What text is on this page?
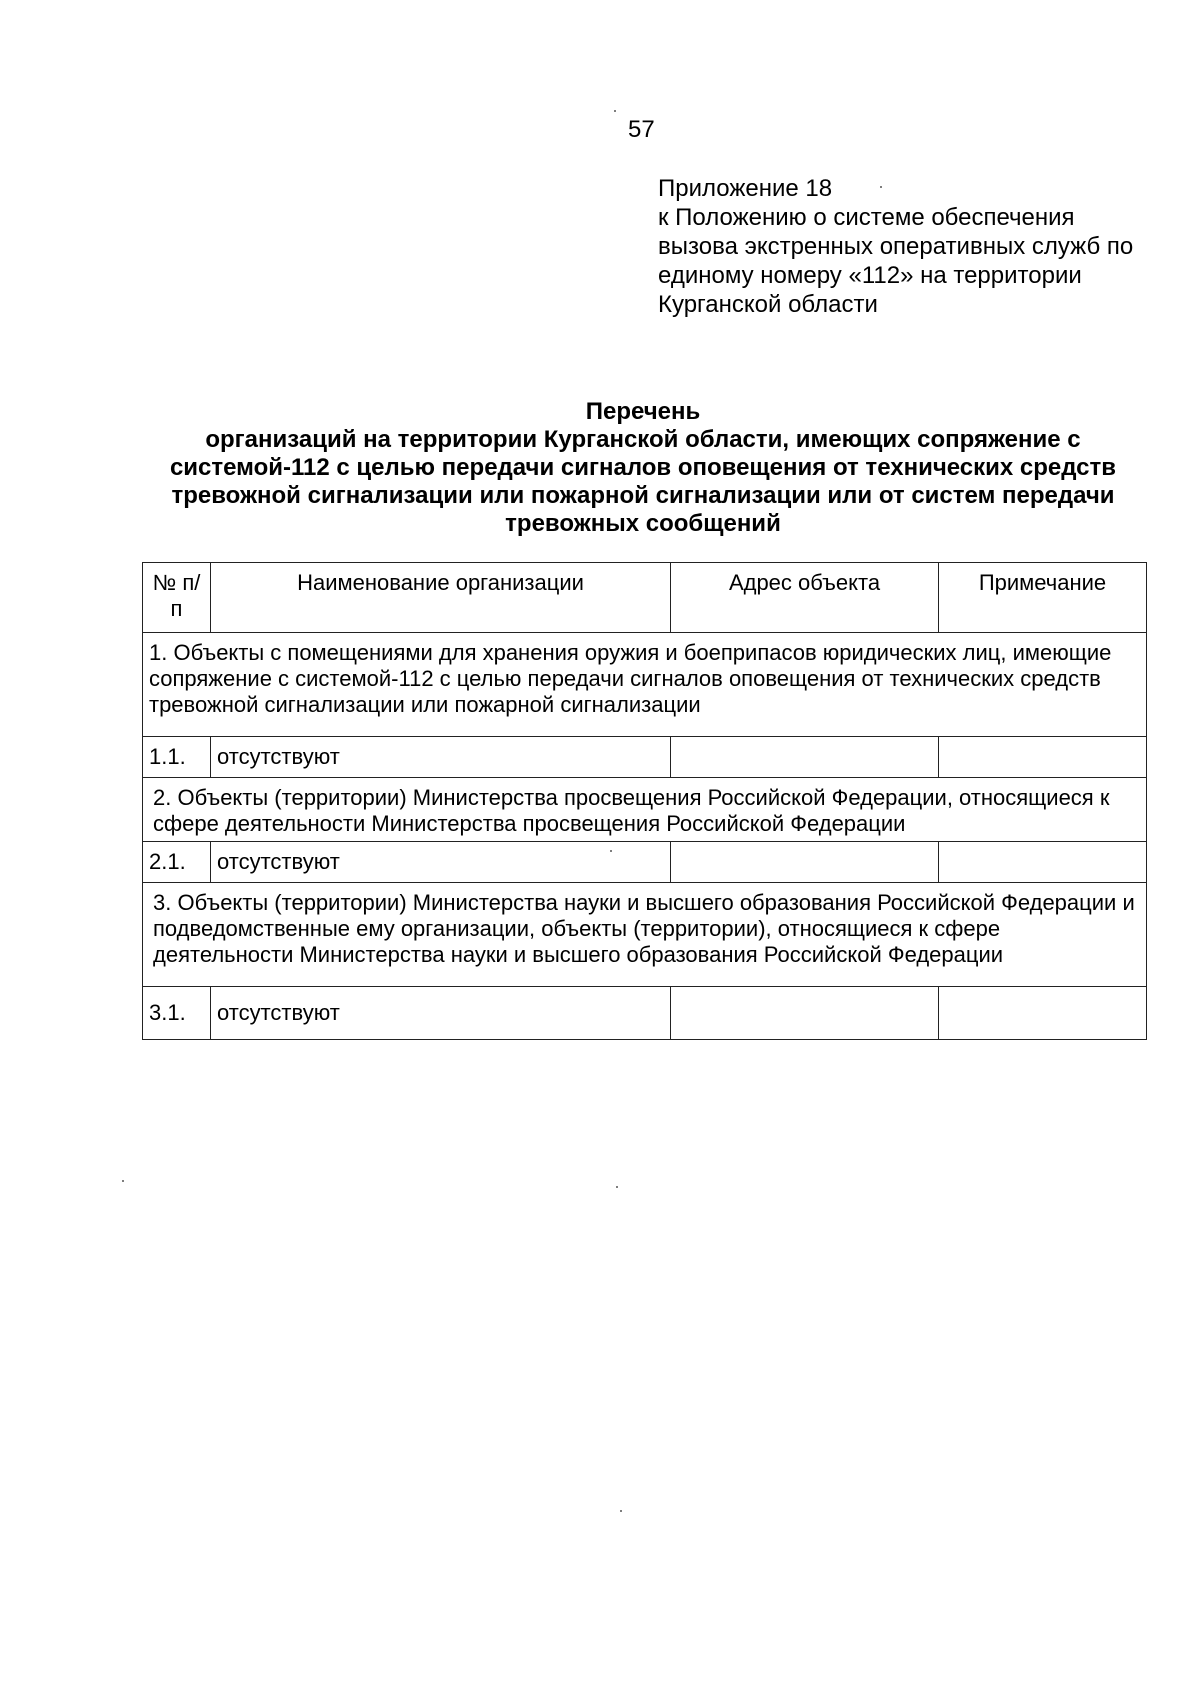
57
Приложение 18
к Положению о системе обеспечения
вызова экстренных оперативных служб по
единому номеру «112» на территории
Курганской области
Перечень
организаций на территории Курганской области, имеющих сопряжение с
системой-112 с целью передачи сигналов оповещения от технических средств
тревожной сигнализации или пожарной сигнализации или от систем передачи
тревожных сообщений
№ п/п	Наименование организации	Адрес объекта	Примечание
1. Объекты с помещениями для хранения оружия и боеприпасов юридических лиц, имеющие сопряжение с системой-112 с целью передачи сигналов оповещения от технических средств тревожной сигнализации или пожарной сигнализации			
1.1.	отсутствуют		
2. Объекты (территории) Министерства просвещения Российской Федерации, относящиеся к сфере деятельности Министерства просвещения Российской Федерации			
2.1.	отсутствуют		
3. Объекты (территории) Министерства науки и высшего образования Российской Федерации и подведомственные ему организации, объекты (территории), относящиеся к сфере деятельности Министерства науки и высшего образования Российской Федерации			
3.1.	отсутствуют		
